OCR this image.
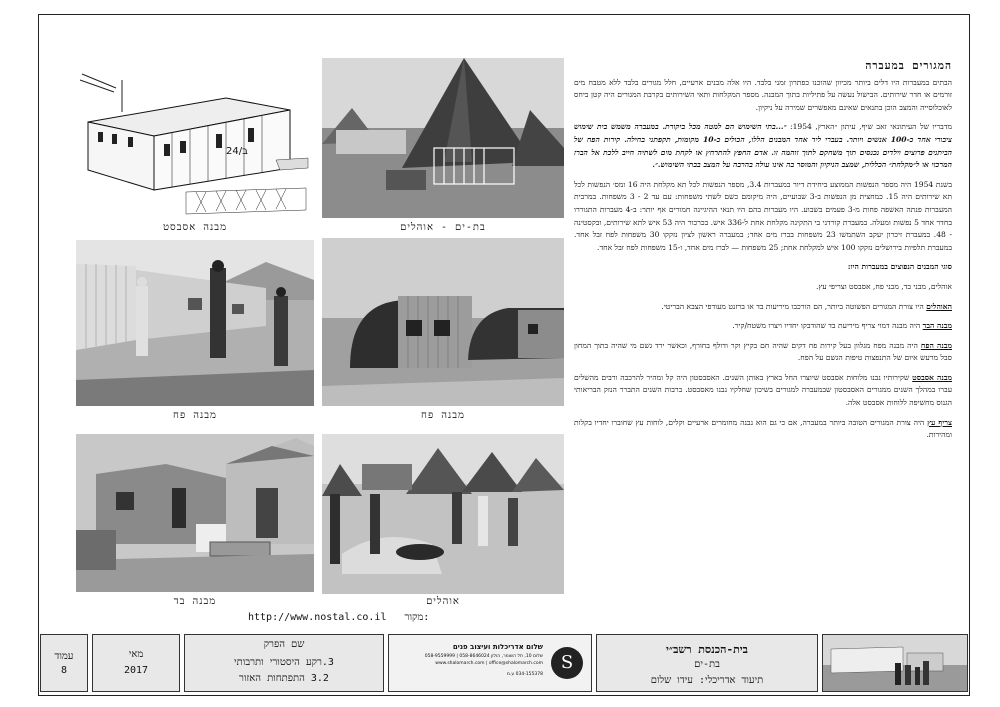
24/ב
מבנה אסבסט	בת-ים - אוהלים
מבנה פח	מבנה פח
מבנה בד	אוהלים
http://www.nostal.co.il מקור:
המגורים במעברה

הבתים במעברות היו דלים ביותר מכיוון שהוכנו כפתרון זמני בלבד. היו אלה מבנים ארעיים, חלל מגורים בלבד ללא מטבח מים זורמים או חדר שירותים. הבישול נעשה על פתיליות בתוך המבנה. מספר המקלחות ותאי השירותים בקרבת המגורים היה קטן ביחס לאוכלוסייה והמצב הוכן בתנאים שאינם מאפשרים שמירה על ניקיון.

מדבריו של העיתונאי זאב שיף, עיתון ״הארץ, 1954: ״...בתי השימוש הם למטה מכל ביקורת. במעברה משמש בית שימוש ציבורי אחד כ-100 אנשים ויותר. בעברי ליד אחד המבנים הללו, הכולים כ-10 מקומות, תקפתני בחילה. קירות הפח של הביתנים פרוצים וילדים נכנסים תוך משחקם לתוך זוהמה זו. אדם החפץ להתרחץ או לקחת מים לשתיה חייב ללכת אל הברז המרכזי או ל״מקלחת״ הכללית, שמצב הניקיון והמוסר בה אינו עולה בהרבה על המצב בבתי השימוש.״.

בשנת 1954 היה מספר הנפשות הממוצע ביחידת דיור במעברות 3.4, מספר הנפשות לכל תא מקלחת היה 16 ומס׳ הנפשות לכל תא שירותים היה 15. כמחצית מן הנפשות ב-3 שבועיים, היה מיקומם כשם לשתי משפחות: עם עד 2 - 3 משפחות. במרבית המעברות פנתה האשפה פחות מ-3 פעמים בשבוע. היו מעברות בהם היו תנאי ההיגיינה חמורים אף יותר: ב-4 מעברות התגוררו בחדר אחד 5 נפשות ומעלה. במעברת קורדני בי התקינה מקלחת אחת ל-336 איש. בכרכור היה 53 איש לתא שירותים, ובקסטינה - 48. במעברת זיכרון יעקב השתמשו 23 משפחות בברז מים אחד; במעברה ראשון לציון נזקקו 30 משפחות לפח זבל אחד. במעברת תלפיות בירושלים נזקקו 100 איש למקלחת אחת; 25 משפחות — לברז מים אחד, ו-15 משפחות לפח זבל אחד.

סוגי המבנים הנפוצים במעברות היו:

אוהלים, מבני בד, מבני פח, אסבסט וצריפי עץ.

האוהלים היו צורת המגורים הפשוטה ביותר, הם הורכבו מיריעות בד או ברזנט מעודפי הצבא הבריטי.

מבנה הבד היה מבנה דמוי צריף מיריעת בד שהודבקו יחדיו ויצרו משטח/קיר.

מבנה הפח היה מבנה מפח מגלוון בעל קירות פח דקים שהיה חם בקיץ וקר ודולף בחורף, וכאשר ירד גשם מי שהיה בתוך המחון סבל מרעש איום של התנפצות טיפות הגשם על הפח.

מבנה אסבסט שקירותיו נבנו מלוחות אסבסט שיוצרו החל בארץ באותן השנים. האסבסטון היה קל ומהיר להרכבה ורבים מהשלים עברו במהלך השנים ממגורים האסבסטון שבמעברה למגורים בשיכון שחלקיו נבנו מאסבסט. ברבות השנים התברר הנזק הבריאותי הגנוס מחשיפה ללוחות אסבסט אלה.

צריף עץ היה צורת המגורים הטובה ביותר במעברה, אם כי גם הוא נבנה מחומרים ארעיים וקלים, לוחות עץ שחוברו יחדיו בקלות ומהירות.

עמוד
8
מאי
2017
שם הפרק
3.רקע היסטורי ותרבותי
3.2 התפתחות האזור
שלום אדריכלות ועיצוב פנים
שלום 10, תל השומר, הולון 058-8646024 | 058-9559999
www.shalomarch.com | office@shalomarch.com
034-155378 ע.מ
S
בית-הכנסת רשב״י
בת-ים
תיעוד אדריכלי: עידו שלום
